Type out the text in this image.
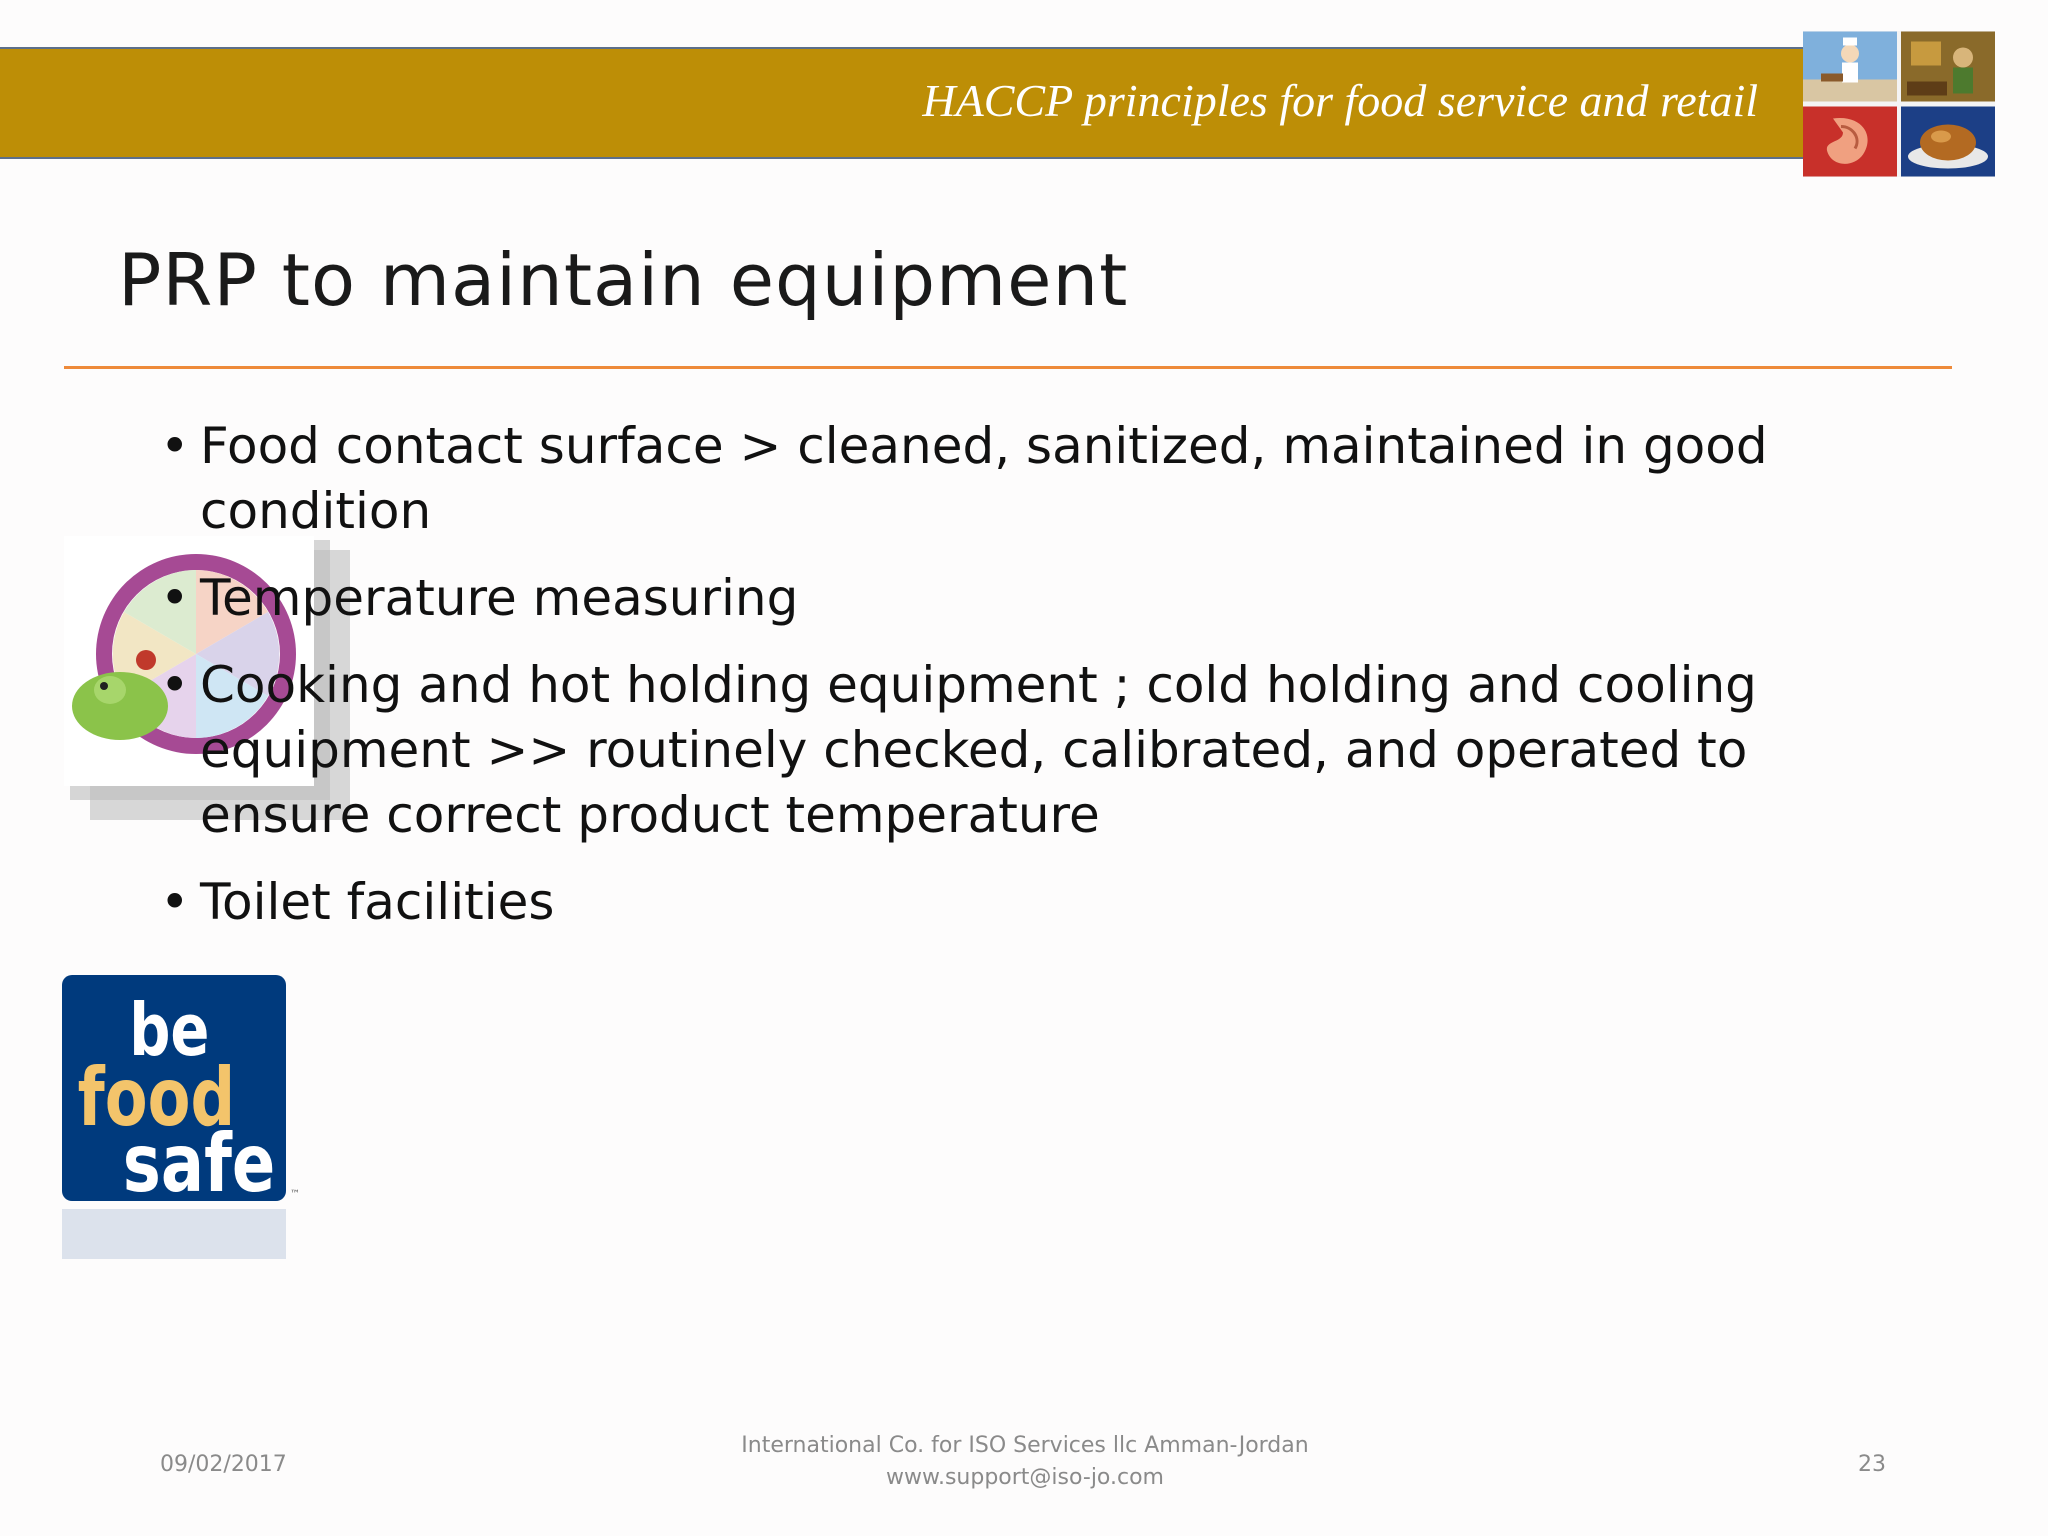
HACCP principles for food service and retail
PRP to maintain equipment
• Food contact surface > cleaned, sanitized, maintained in good condition
• Temperature measuring
• Cooking and hot holding equipment ; cold holding and cooling equipment >> routinely checked, calibrated, and operated to ensure correct product temperature
• Toilet facilities
be
food
safe ™
09/02/2017
International Co. for ISO Services llc Amman-Jordan
www.support@iso-jo.com
23
